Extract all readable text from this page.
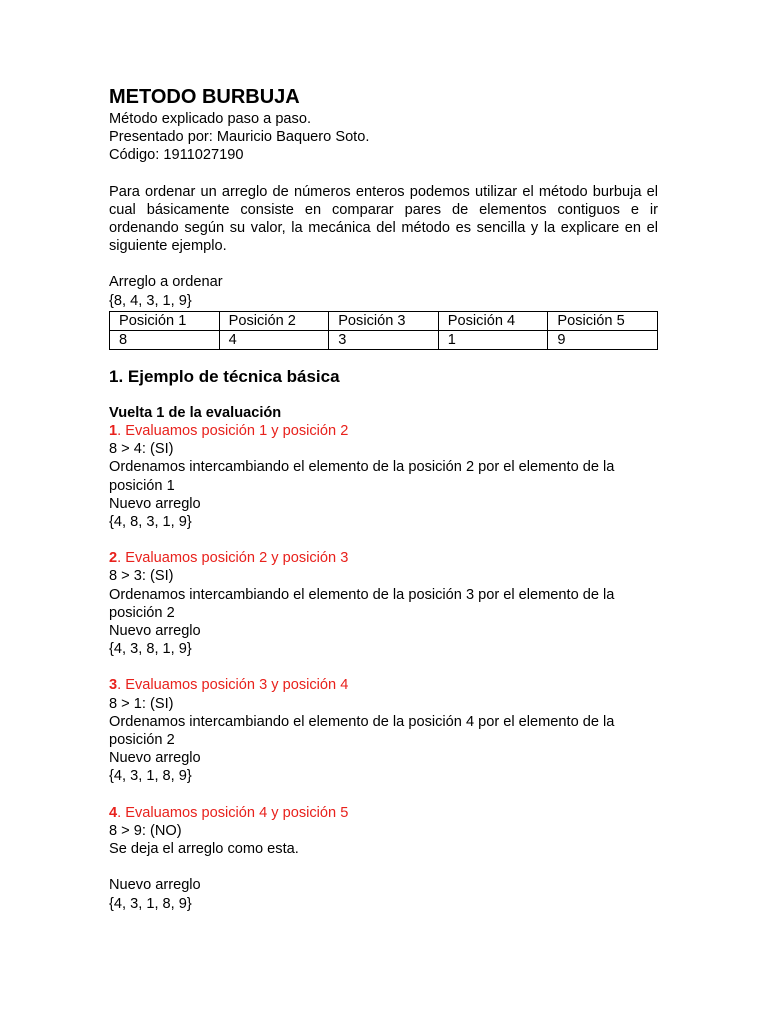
METODO BURBUJA

Método explicado paso a paso.

Presentado por: Mauricio Baquero Soto.

Código: 1911027190

Para ordenar un arreglo de números enteros podemos utilizar el método burbuja el cual básicamente consiste en comparar pares de elementos contiguos e ir ordenando según su valor, la mecánica del método es sencilla y la explicare en el siguiente ejemplo.

Arreglo a ordenar

{8, 4, 3, 1, 9}

Posición 1	Posición 2	Posición 3	Posición 4	Posición 5
8	4	3	1	9

1. Ejemplo de técnica básica

Vuelta 1 de la evaluación

1. Evaluamos posición 1 y posición 2

8 > 4: (SI)

Ordenamos intercambiando el elemento de la posición 2 por el elemento de la

posición 1

Nuevo arreglo

{4, 8, 3, 1, 9}

2. Evaluamos posición 2 y posición 3

8 > 3: (SI)

Ordenamos intercambiando el elemento de la posición 3 por el elemento de la

posición 2

Nuevo arreglo

{4, 3, 8, 1, 9}

3. Evaluamos posición 3 y posición 4

8 > 1: (SI)

Ordenamos intercambiando el elemento de la posición 4 por el elemento de la

posición 2

Nuevo arreglo

{4, 3, 1, 8, 9}

4. Evaluamos posición 4 y posición 5

8 > 9: (NO)

Se deja el arreglo como esta.

Nuevo arreglo

{4, 3, 1, 8, 9}
